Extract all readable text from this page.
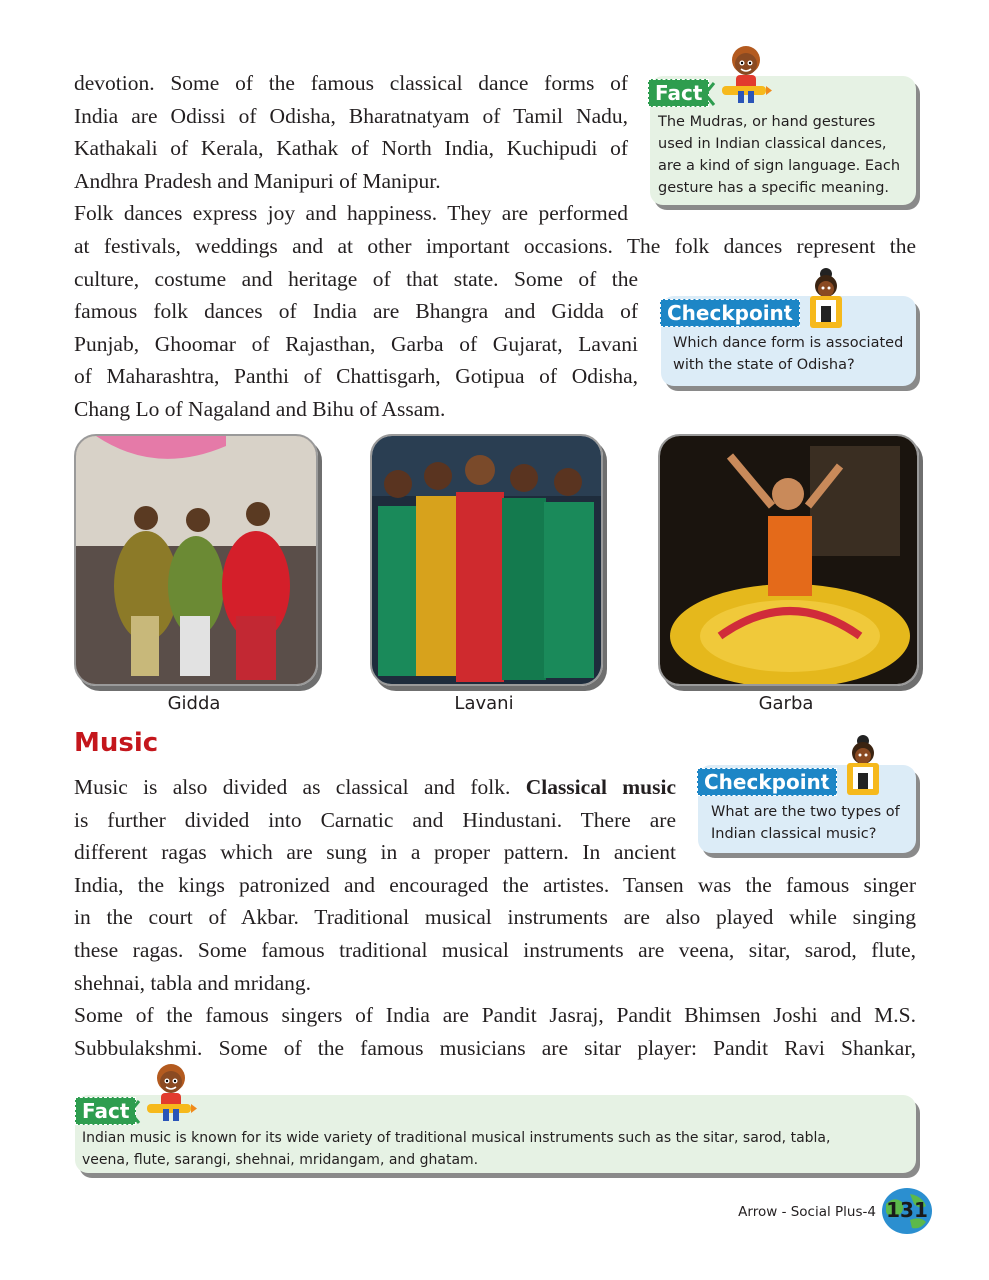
devotion. Some of the famous classical dance forms of
India are Odissi of Odisha, Bharatnatyam of Tamil Nadu,
Kathakali of Kerala, Kathak of North India, Kuchipudi of
Andhra Pradesh and Manipuri of Manipur.
Folk dances express joy and happiness. They are performed
at festivals, weddings and at other important occasions. The folk dances represent the
culture, costume and heritage of that state. Some of the
famous folk dances of India are Bhangra and Gidda of
Punjab, Ghoomar of Rajasthan, Garba of Gujarat, Lavani
of Maharashtra, Panthi of Chattisgarh, Gotipua of Odisha,
Chang Lo of Nagaland and Bihu of Assam.
Fact
The Mudras, or hand gestures
used in Indian classical dances,
are a kind of sign language. Each
gesture has a specific meaning.
Checkpoint
Which dance form is associated
with the state of Odisha?
Gidda	Lavani	Garba
Music
Music is also divided as classical and folk. Classical music
is further divided into Carnatic and Hindustani. There are
different ragas which are sung in a proper pattern. In ancient
India, the kings patronized and encouraged the artistes. Tansen was the famous singer
in the court of Akbar. Traditional musical instruments are also played while singing
these ragas. Some famous traditional musical instruments are veena, sitar, sarod, flute,
shehnai, tabla and mridang.
Some of the famous singers of India are Pandit Jasraj, Pandit Bhimsen Joshi and M.S.
Subbulakshmi. Some of the famous musicians are sitar player: Pandit Ravi Shankar,
Checkpoint
What are the two types of
Indian classical music?
Fact
Indian music is known for its wide variety of traditional musical instruments such as the sitar, sarod, tabla,
veena, flute, sarangi, shehnai, mridangam, and ghatam.
Arrow - Social Plus-4 131
